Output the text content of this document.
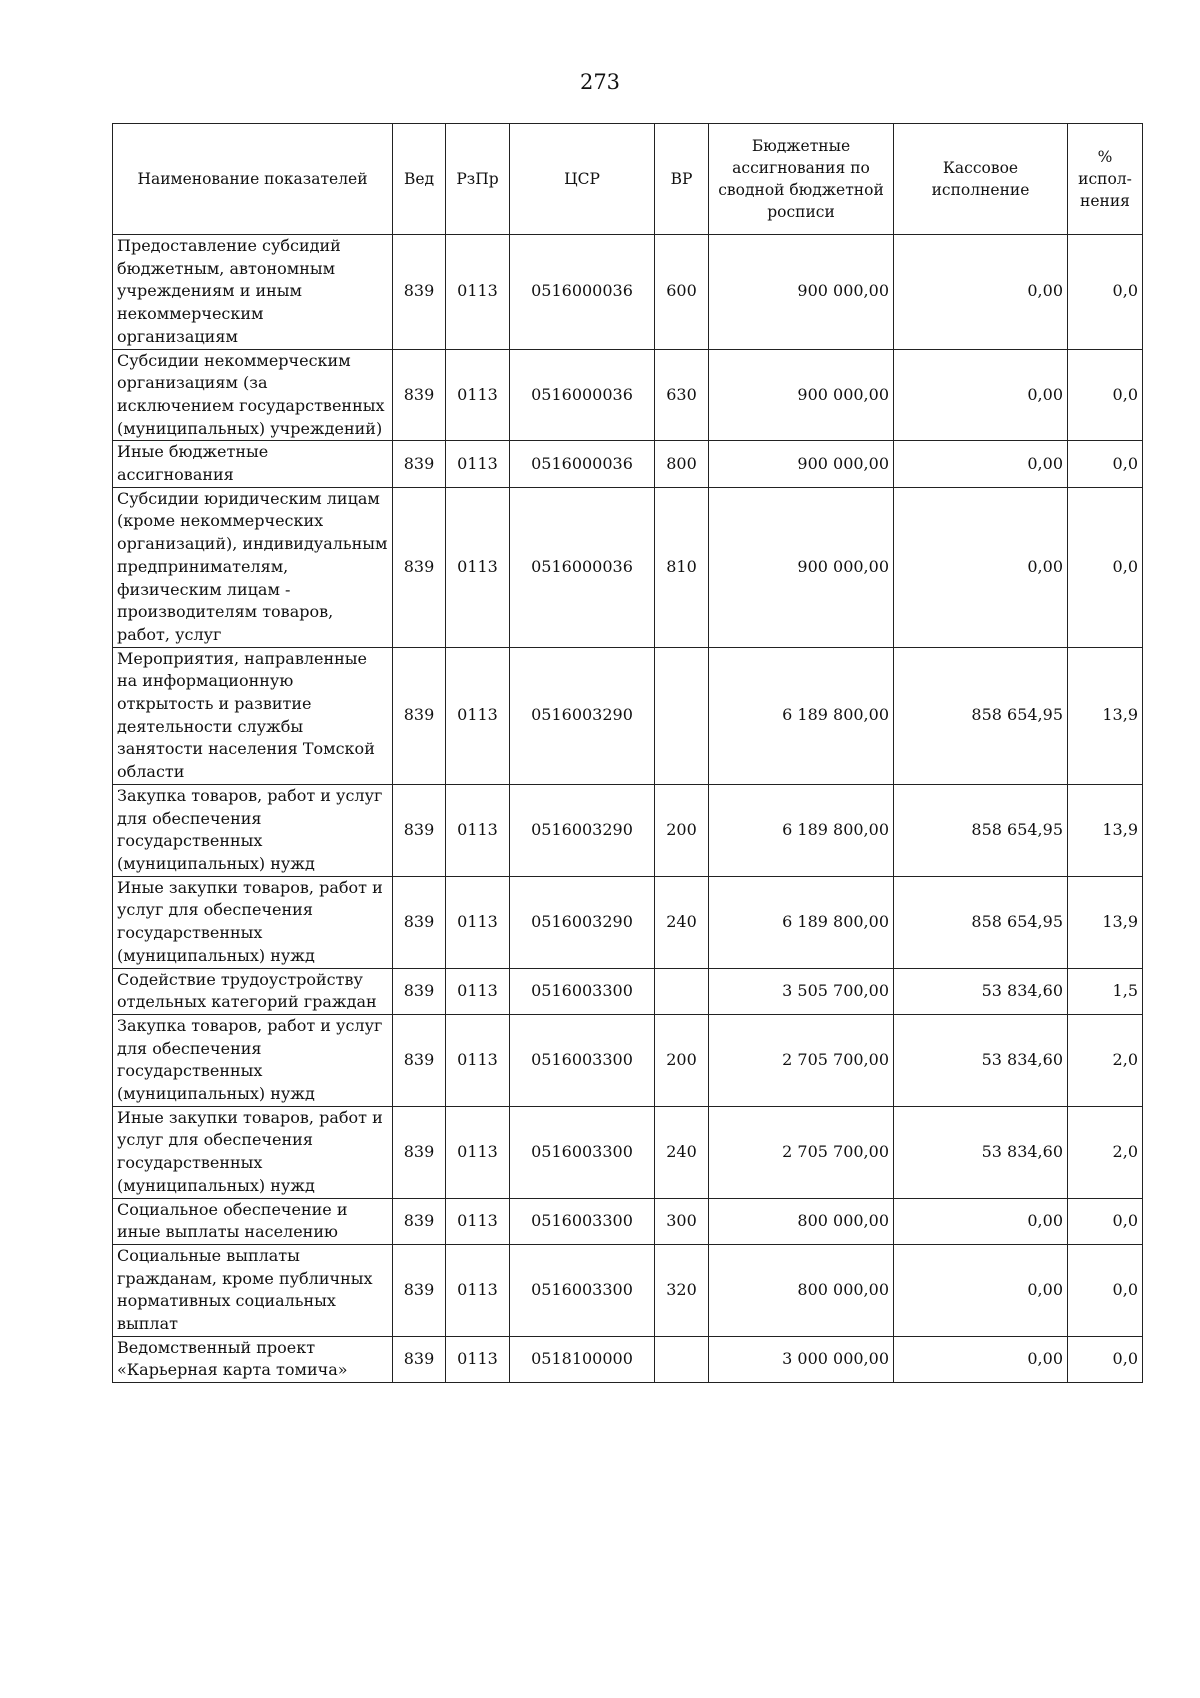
273
Наименование показателей	Вед	РзПр	ЦСР	ВР	Бюджетные ассигнования по сводной бюджетной росписи	Кассовое исполнение	% испол-нения
Предоставление субсидий бюджетным, автономным учреждениям и иным некоммерческим организациям	839	0113	0516000036	600	900 000,00	0,00	0,0
Субсидии некоммерческим организациям (за исключением государственных (муниципальных) учреждений)	839	0113	0516000036	630	900 000,00	0,00	0,0
Иные бюджетные ассигнования	839	0113	0516000036	800	900 000,00	0,00	0,0
Субсидии юридическим лицам (кроме некоммерческих организаций), индивидуальным предпринимателям, физическим лицам - производителям товаров, работ, услуг	839	0113	0516000036	810	900 000,00	0,00	0,0
Мероприятия, направленные на информационную открытость и развитие деятельности службы занятости населения Томской области	839	0113	0516003290		6 189 800,00	858 654,95	13,9
Закупка товаров, работ и услуг для обеспечения государственных (муниципальных) нужд	839	0113	0516003290	200	6 189 800,00	858 654,95	13,9
Иные закупки товаров, работ и услуг для обеспечения государственных (муниципальных) нужд	839	0113	0516003290	240	6 189 800,00	858 654,95	13,9
Содействие трудоустройству отдельных категорий граждан	839	0113	0516003300		3 505 700,00	53 834,60	1,5
Закупка товаров, работ и услуг для обеспечения государственных (муниципальных) нужд	839	0113	0516003300	200	2 705 700,00	53 834,60	2,0
Иные закупки товаров, работ и услуг для обеспечения государственных (муниципальных) нужд	839	0113	0516003300	240	2 705 700,00	53 834,60	2,0
Социальное обеспечение и иные выплаты населению	839	0113	0516003300	300	800 000,00	0,00	0,0
Социальные выплаты гражданам, кроме публичных нормативных социальных выплат	839	0113	0516003300	320	800 000,00	0,00	0,0
Ведомственный проект «Карьерная карта томича»	839	0113	0518100000		3 000 000,00	0,00	0,0
